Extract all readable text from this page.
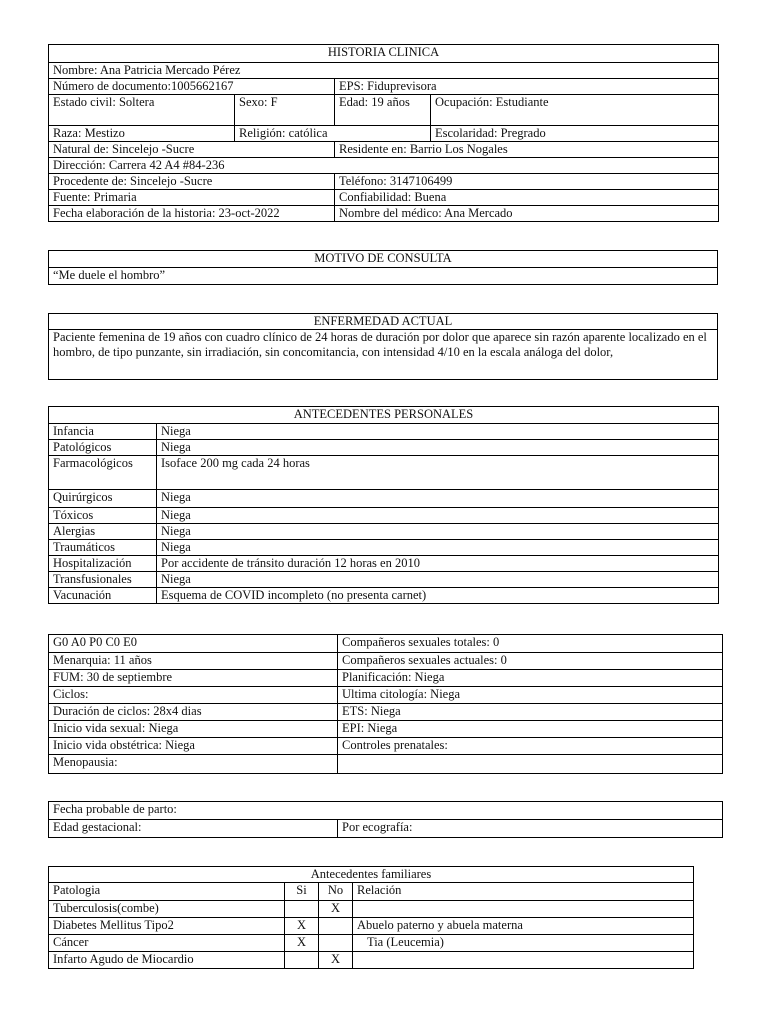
HISTORIA CLINICA			
Nombre: Ana Patricia Mercado Pérez			
Número de documento:1005662167		EPS: Fiduprevisora	
Estado civil: Soltera	Sexo: F	Edad: 19 años	Ocupación: Estudiante
Raza: Mestizo	Religión: católica		Escolaridad: Pregrado
Natural de: Sincelejo -Sucre		Residente en: Barrio Los Nogales	
Dirección: Carrera 42 A4 #84-236			
Procedente de: Sincelejo -Sucre		Teléfono: 3147106499	
Fuente: Primaria		Confiabilidad: Buena	
Fecha elaboración de la historia: 23-oct-2022		Nombre del médico: Ana Mercado	
MOTIVO DE CONSULTA
“Me duele el hombro”
ENFERMEDAD ACTUAL
Paciente femenina de 19 años con cuadro clínico de 24 horas de duración por dolor que aparece sin razón aparente localizado en el hombro, de tipo punzante, sin irradiación, sin concomitancia, con intensidad 4/10 en la escala análoga del dolor,
ANTECEDENTES PERSONALES	
Infancia	Niega
Patológicos	Niega
Farmacológicos	Isoface 200 mg cada 24 horas
Quirúrgicos	Niega
Tóxicos	Niega
Alergias	Niega
Traumáticos	Niega
Hospitalización	Por accidente de tránsito duración 12 horas en 2010
Transfusionales	Niega
Vacunación	Esquema de COVID incompleto (no presenta carnet)
G0 A0 P0 C0 E0	Compañeros sexuales totales: 0
Menarquia: 11 años	Compañeros sexuales actuales: 0
FUM: 30 de septiembre	Planificación: Niega
Ciclos:	Ultima citología: Niega
Duración de ciclos: 28x4 dias	ETS: Niega
Inicio vida sexual: Niega	EPI: Niega
Inicio vida obstétrica: Niega	Controles prenatales:
Menopausia:	
Fecha probable de parto:
Edad gestacional:	Por ecografía:
Antecedentes familiares			
Patologia	Si	No	Relación
Tuberculosis(combe)		X	
Diabetes Mellitus Tipo2	X		Abuelo paterno y abuela materna
Cáncer	X		Tia (Leucemia)
Infarto Agudo de Miocardio		X	
